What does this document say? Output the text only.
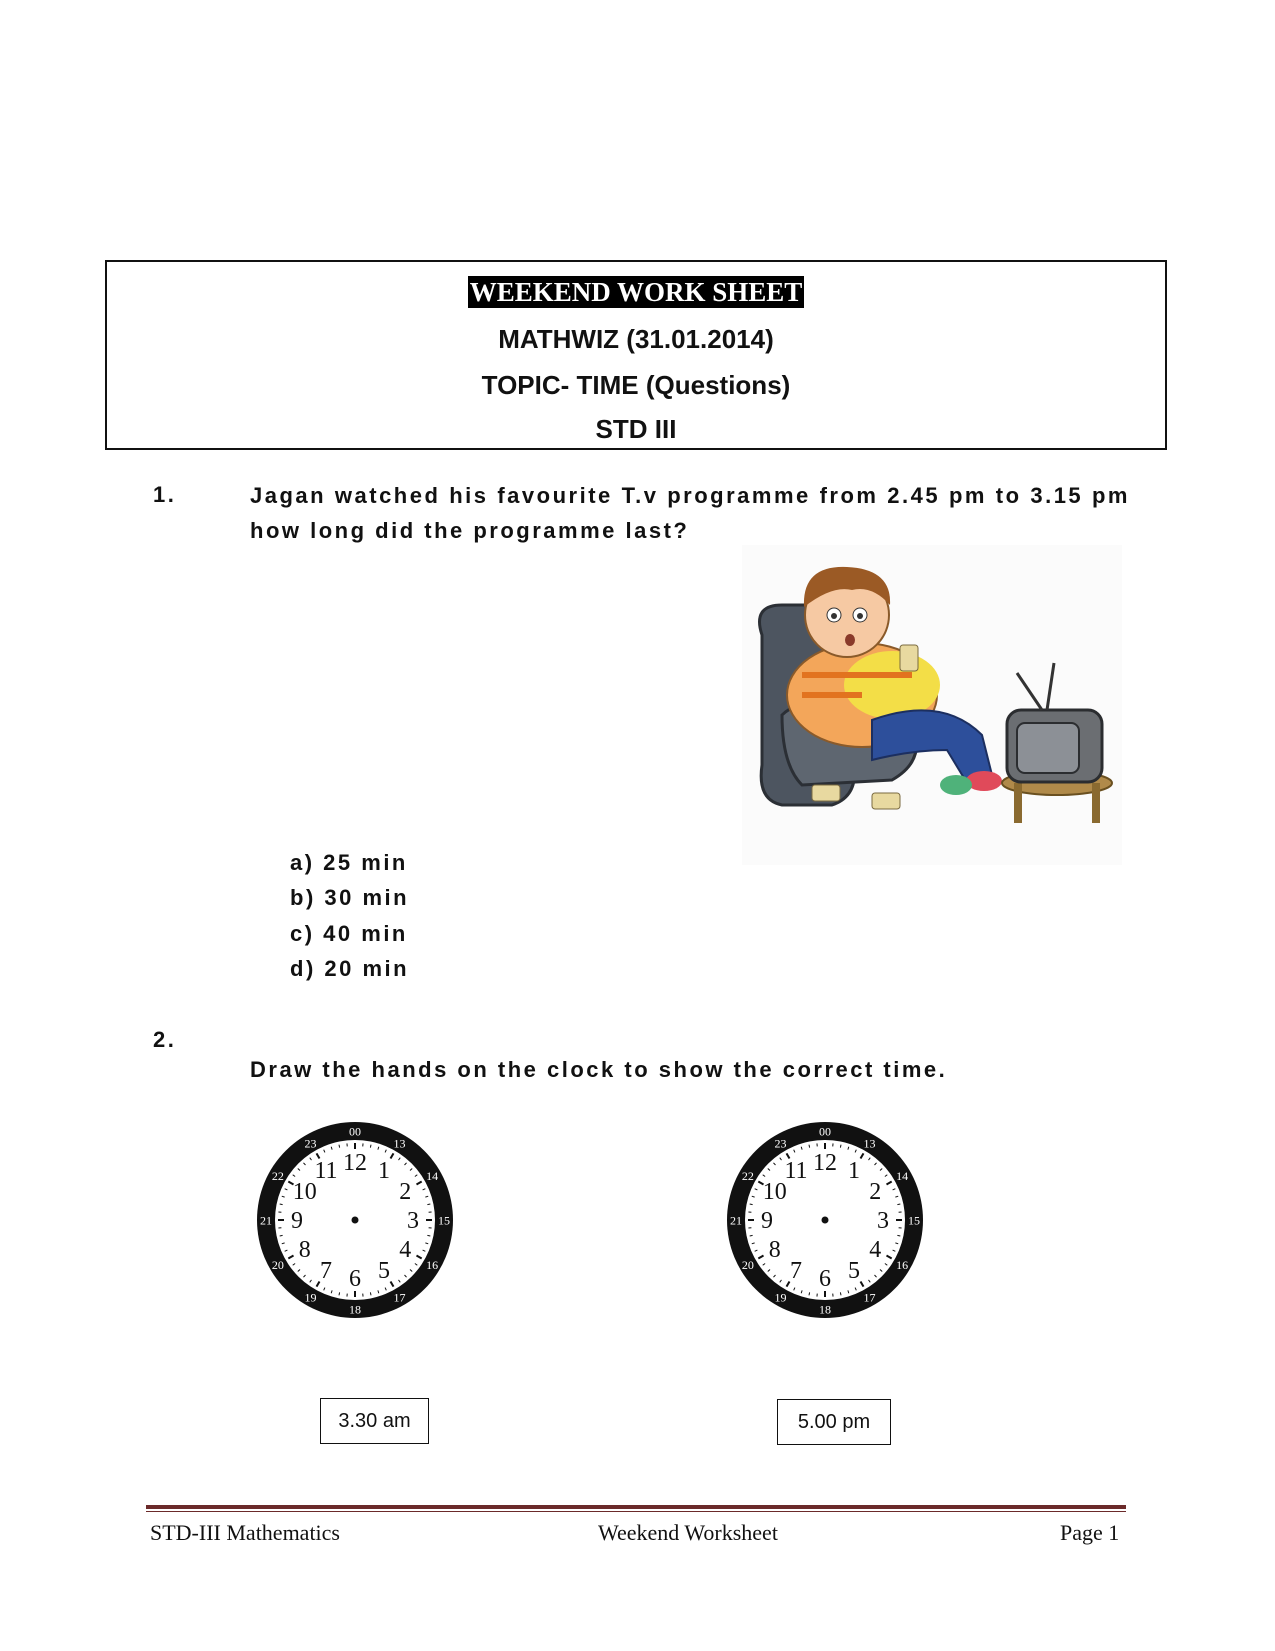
WEEKEND WORK SHEET
MATHWIZ (31.01.2014)
TOPIC- TIME (Questions)
STD III
1.	Jagan watched his favourite T.v programme from 2.45 pm to 3.15 pm how long did the programme last?
a) 25 min
b) 30 min
c) 40 min
d) 20 min
2.
Draw the hands on the clock to show the correct time.
12 1
2
3
4
5
6
7
8
9
10
11
00
13
14
15
16
17
18
19
20
21
22
23
12 1
2
3
4
5
6
7
8
9
10
11
00
13
14
15
16
17
18
19
20
21
22
23
3.30 am	5.00 pm
STD-III Mathematics	Weekend Worksheet	Page 1
